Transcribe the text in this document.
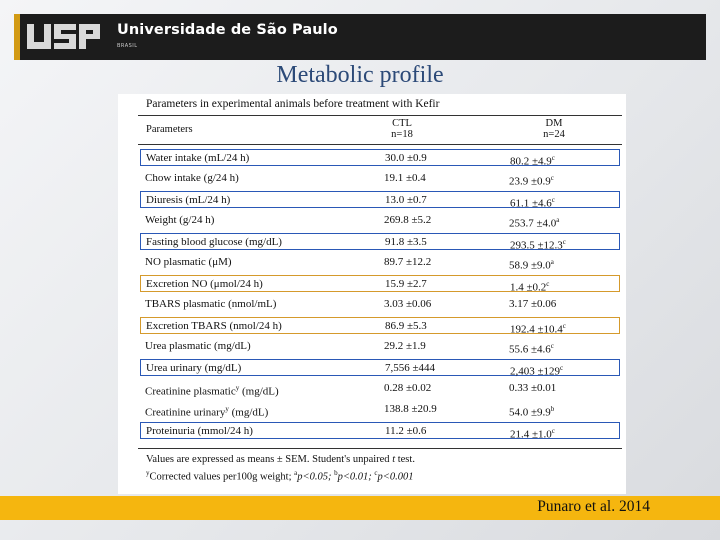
Universidade de São Paulo
BRASIL
Metabolic profile
Parameters in experimental animals before treatment with Kefir
Parameters
CTL
n=18
DM
n=24
Water intake (mL/24 h)	30.0 ±0.9	80.2 ±4.9$^c$
Chow intake (g/24 h)	19.1 ±0.4	23.9 ±0.9$^c$
Diuresis (mL/24 h)	13.0 ±0.7	61.1 ±4.6$^c$
Weight (g/24 h)	269.8 ±5.2	253.7 ±4.0$^a$
Fasting blood glucose (mg/dL)	91.8 ±3.5	293.5 ±12.3$^c$
NO plasmatic (μM)	89.7 ±12.2	58.9 ±9.0$^a$
Excretion NO (μmol/24 h)	15.9 ±2.7	1.4 ±0.2$^c$
TBARS plasmatic (nmol/mL)	3.03 ±0.06	3.17 ±0.06
Excretion TBARS (nmol/24 h)	86.9 ±5.3	192.4 ±10.4$^c$
Urea plasmatic (mg/dL)	29.2 ±1.9	55.6 ±4.6$^c$
Urea urinary (mg/dL)	7,556 ±444	$2,403 \pm 129^c$
Creatinine plasmatic$^y$ (mg/dL)	0.28 ±0.02	0.33 ±0.01
Creatinine urinary$^y$ (mg/dL)	138.8 ±20.9	54.0 ±9.9$^b$
Proteinuria (mmol/24 h)	11.2 ±0.6	21.4 ±1.0$^c$
Values are expressed as means ± SEM. Student's unpaired t test.
$^y$Corrected values per100g weight; $^a$p<0.05; $^b$p<0.01; $^c$p<0.001
Punaro et al. 2014
